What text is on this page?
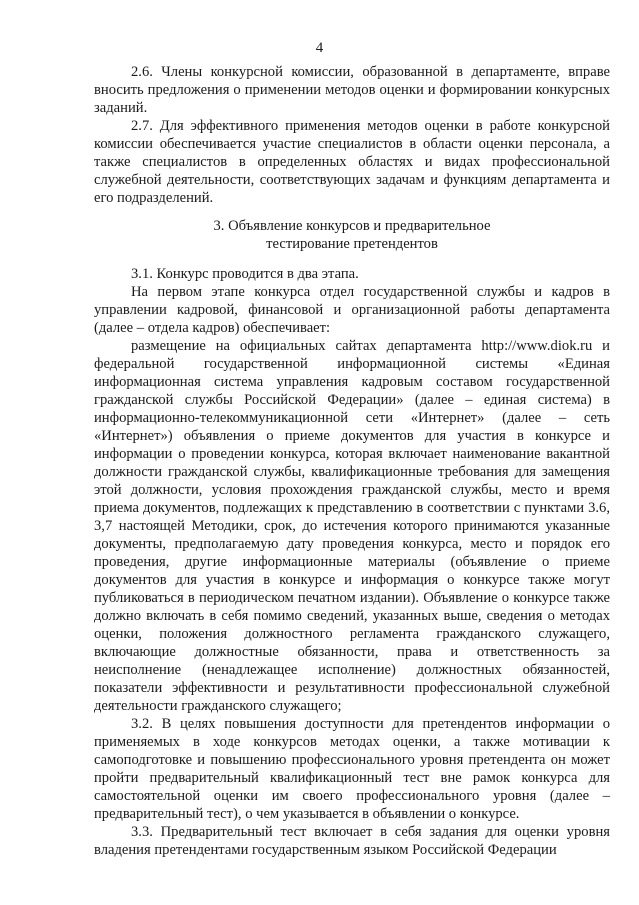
4

2.6. Члены конкурсной комиссии, образованной в департаменте, вправе вносить предложения о применении методов оценки и формировании конкурсных заданий.

2.7. Для эффективного применения методов оценки в работе конкурсной комиссии обеспечивается участие специалистов в области оценки персонала, а также специалистов в определенных областях и видах профессиональной служебной деятельности, соответствующих задачам и функциям департамента и его подразделений.

3. Объявление конкурсов и предварительное
тестирование претендентов

3.1. Конкурс проводится в два этапа.

На первом этапе конкурса отдел государственной службы и кадров в управлении кадровой, финансовой и организационной работы департамента (далее – отдела кадров) обеспечивает:

размещение на официальных сайтах департамента http://www.diok.ru и федеральной государственной информационной системы «Единая информационная система управления кадровым составом государственной гражданской службы Российской Федерации» (далее – единая система) в информационно-телекоммуникационной сети «Интернет» (далее – сеть «Интернет») объявления о приеме документов для участия в конкурсе и информации о проведении конкурса, которая включает наименование вакантной должности гражданской службы, квалификационные требования для замещения этой должности, условия прохождения гражданской службы, место и время приема документов, подлежащих к представлению в соответствии с пунктами 3.6, 3,7 настоящей Методики, срок, до истечения которого принимаются указанные документы, предполагаемую дату проведения конкурса, место и порядок его проведения, другие информационные материалы (объявление о приеме документов для участия в конкурсе и информация о конкурсе также могут публиковаться в периодическом печатном издании). Объявление о конкурсе также должно включать в себя помимо сведений, указанных выше, сведения о методах оценки, положения должностного регламента гражданского служащего, включающие должностные обязанности, права и ответственность за неисполнение (ненадлежащее исполнение) должностных обязанностей, показатели эффективности и результативности профессиональной служебной деятельности гражданского служащего;

3.2. В целях повышения доступности для претендентов информации о применяемых в ходе конкурсов методах оценки, а также мотивации к самоподготовке и повышению профессионального уровня претендента он может пройти предварительный квалификационный тест вне рамок конкурса для самостоятельной оценки им своего профессионального уровня (далее – предварительный тест), о чем указывается в объявлении о конкурсе.

3.3. Предварительный тест включает в себя задания для оценки уровня владения претендентами государственным языком Российской Федерации
